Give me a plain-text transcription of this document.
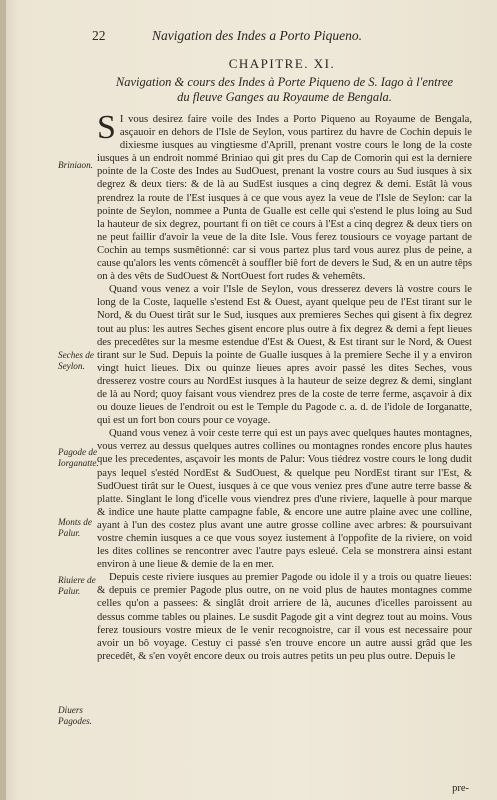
22	Navigation des Indes a Porto Piqueno.
CHAPITRE. XI.
Navigation & cours des Indes à Porte Piqueno de S. Iago à l'entree du fleuve Ganges au Royaume de Bengala.
Briniaon.
Seches de Seylon.
Pagode de Iorganatte.
Monts de Palur.
Riuiere de Palur.
Diuers Pagodes.

S I vous desirez faire voile des Indes a Porto Piqueno au Royaume de Bengala, asçauoir en dehors de l'Isle de Seylon, vous partirez du havre de Cochin depuis le dixiesme iusques au vingtiesme d'Aprill, prenant vostre cours le long de la coste iusques à un endroit nommé Briniao qui git pres du Cap de Comorin qui est la derniere pointe de la Coste des Indes au SudOuest, prenant la vostre cours au Sud iusques à six degrez & deux tiers: & de là au SudEst iusques a cinq degrez & demi. Estât là vous prendrez la route de l'Est iusques à ce que vous ayez la veue de l'Isle de Seylon: car la pointe de Seylon, nommee a Punta de Gualle est celle qui s'estend le plus loing au Sud la hauteur de six degrez, pourtant fi on tiêt ce cours à l'Est a cinq degrez & deux tiers on ne peut faillir d'avoir la veue de la dite Isle. Vous ferez tousiours ce voyage partant de Cochin au temps susmêtionné: car si vous partez plus tard vous aurez plus de peine, a cause qu'alors les vents cômencêt à souffler biê fort de devers le Sud, & en un autre têps on à des vêts de SudOuest & NortOuest fort rudes & vehemêts.

Quand vous venez a voir l'Isle de Seylon, vous dresserez devers là vostre cours le long de la Coste, laquelle s'estend Est & Ouest, ayant quelque peu de l'Est tirant sur le Nord, & du Ouest tirât sur le Sud, iusques aux premieres Seches qui gisent à fix degrez tout au plus: les autres Seches gisent encore plus outre à fix degrez & demi a fept lieues des precedêtes sur la mesme estendue d'Est & Ouest, & Est tirant sur le Nord, & Ouest tirant sur le Sud. Depuis la pointe de Gualle iusques à la premiere Seche il y a environ vingt huict lieues. Dix ou quinze lieues apres avoir passé les dites Seches, vous dresserez vostre cours au NordEst iusques à la hauteur de seize degrez & demi, singlant de là au Nord; quoy faisant vous viendrez pres de la coste de terre ferme, asçavoir à dix ou douze lieues de l'endroit ou est le Temple du Pagode c. a. d. de l'idole de Iorganatte, qui est un fort bon cours pour ce voyage.

Quand vous venez à voir ceste terre qui est un pays avec quelques hautes montagnes, vous verrez au dessus quelques autres collines ou montagnes rondes encore plus hautes que les precedentes, asçavoir les monts de Palur: Vous tiédrez vostre cours le long dudit pays lequel s'estéd NordEst & SudOuest, & quelque peu NordEst tirant sur l'Est, & SudOuest tirât sur le Ouest, iusques à ce que vous veniez pres d'une autre terre basse & platte. Singlant le long d'icelle vous viendrez pres d'une riviere, laquelle à pour marque & indice une haute platte campagne fable, & encore une autre plaine avec une colline, ayant à l'un des costez plus avant une autre grosse colline avec arbres: & poursuivant vostre chemin iusques a ce que vous soyez iustement à l'oppofite de la riviere, on void les dites collines se rencontrer avec l'autre pays esleué. Cela se monstrera ainsi estant environ à une lieue & demie de la en mer.

Depuis ceste riviere iusques au premier Pagode ou idole il y a trois ou quatre lieues: & depuis ce premier Pagode plus outre, on ne void plus de hautes montagnes comme celles qu'on a passees: & singlât droit arriere de là, aucunes d'icelles paroissent au dessus comme tables ou plaines. Le susdit Pagode git a vint degrez tout au moins. Vous ferez tousiours vostre mieux de le venir recognoistre, car il vous est necessaire pour avoir un bô voyage. Cestuy ci passé s'en trouve encore un autre aussi grâd que les precedêt, & s'en voyêt encore deux ou trois autres petits un peu plus outre. Depuis le

pre-
